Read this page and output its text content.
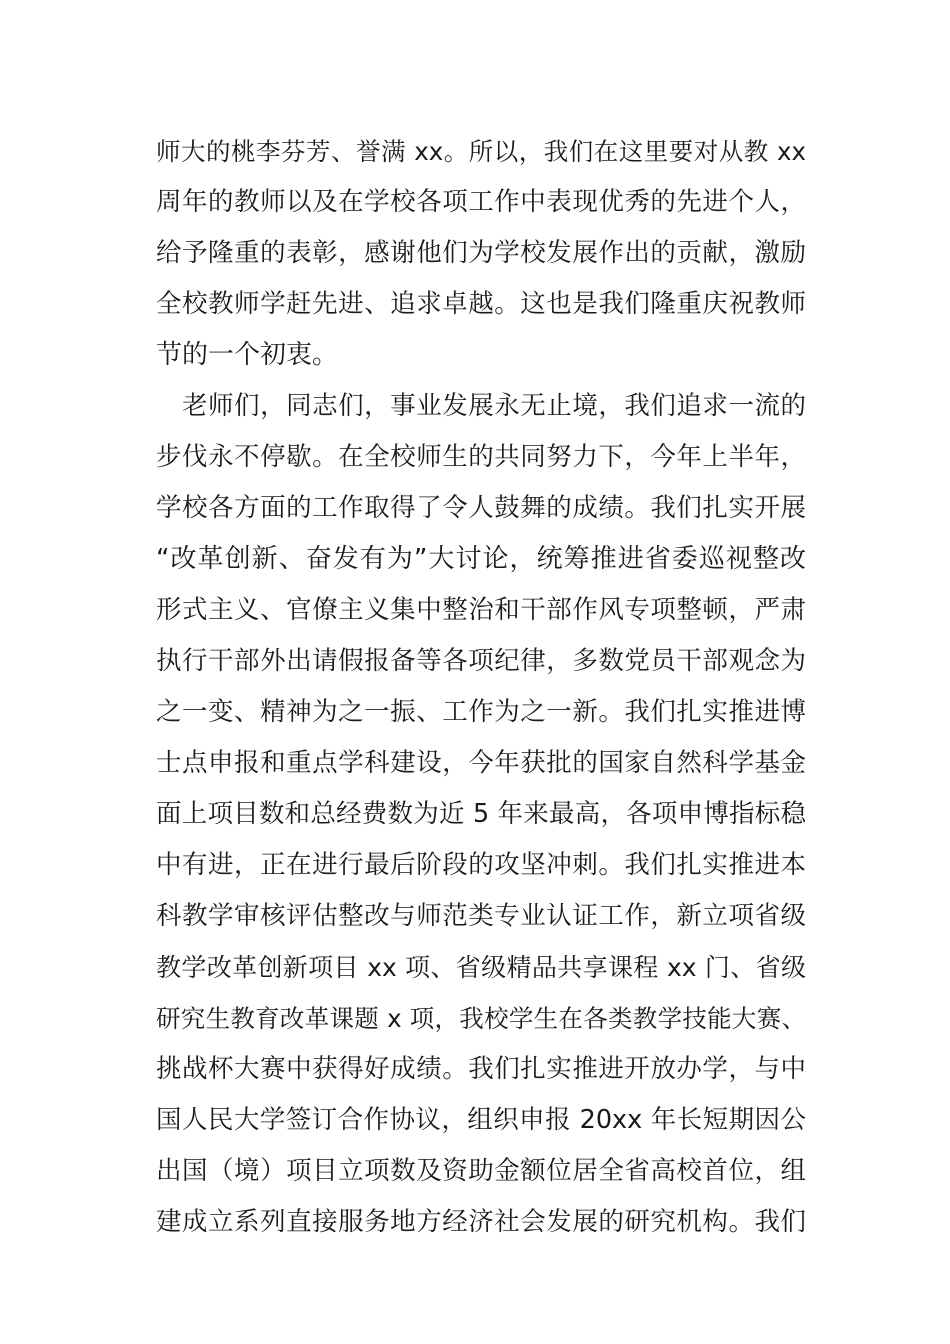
师大的桃李芬芳、誉满 xx。所以，我们在这里要对从教 xx
周年的教师以及在学校各项工作中表现优秀的先进个人，
给予隆重的表彰，感谢他们为学校发展作出的贡献，激励
全校教师学赶先进、追求卓越。这也是我们隆重庆祝教师
节的一个初衷。
老师们，同志们，事业发展永无止境，我们追求一流的
步伐永不停歇。在全校师生的共同努力下，今年上半年，
学校各方面的工作取得了令人鼓舞的成绩。我们扎实开展
“改革创新、奋发有为”大讨论，统筹推进省委巡视整改
形式主义、官僚主义集中整治和干部作风专项整顿，严肃
执行干部外出请假报备等各项纪律，多数党员干部观念为
之一变、精神为之一振、工作为之一新。我们扎实推进博
士点申报和重点学科建设，今年获批的国家自然科学基金
面上项目数和总经费数为近 5 年来最高，各项申博指标稳
中有进，正在进行最后阶段的攻坚冲刺。我们扎实推进本
科教学审核评估整改与师范类专业认证工作，新立项省级
教学改革创新项目 xx 项、省级精品共享课程 xx 门、省级
研究生教育改革课题 x 项，我校学生在各类教学技能大赛、
挑战杯大赛中获得好成绩。我们扎实推进开放办学，与中
国人民大学签订合作协议，组织申报 20xx 年长短期因公
出国（境）项目立项数及资助金额位居全省高校首位，组
建成立系列直接服务地方经济社会发展的研究机构。我们
